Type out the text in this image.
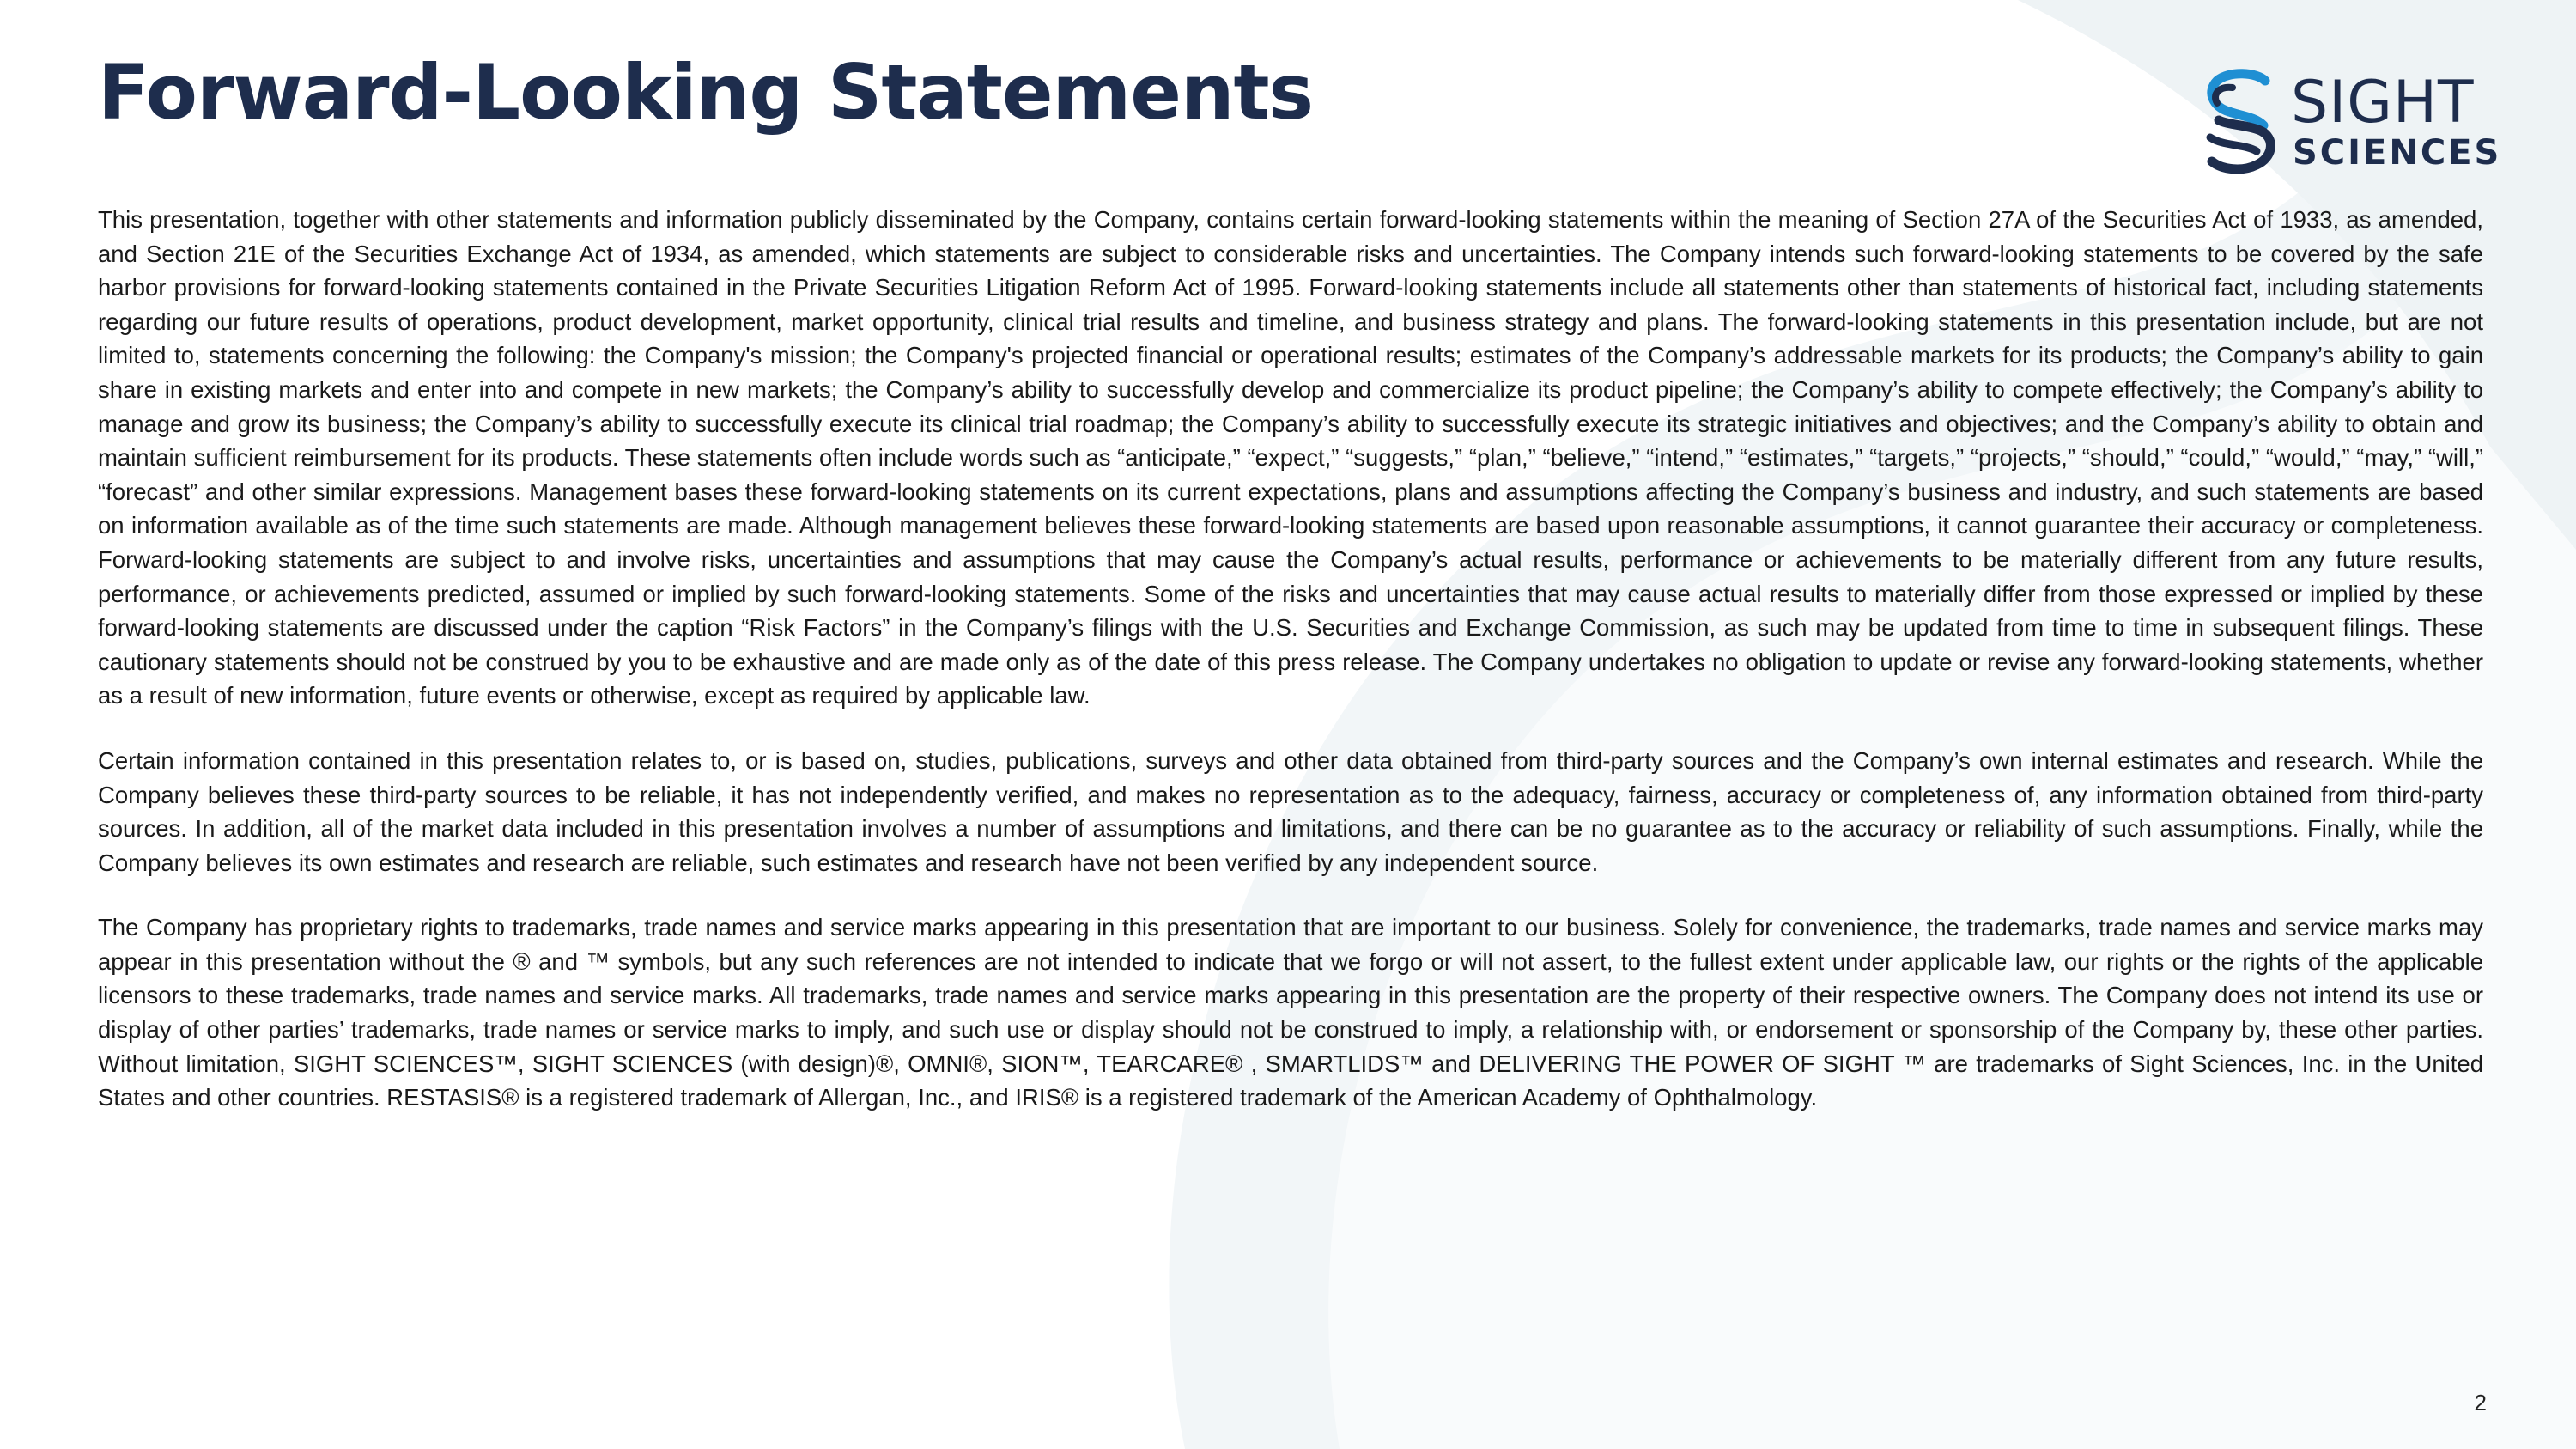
Forward-Looking Statements	SIGHT
SCIENCES

This presentation, together with other statements and information publicly disseminated by the Company, contains certain forward-looking statements within the meaning of Section 27A of the Securities Act of 1933, as amended, and Section 21E of the Securities Exchange Act of 1934, as amended, which statements are subject to considerable risks and uncertainties. The Company intends such forward-looking statements to be covered by the safe harbor provisions for forward-looking statements contained in the Private Securities Litigation Reform Act of 1995. Forward-looking statements include all statements other than statements of historical fact, including statements regarding our future results of operations, product development, market opportunity, clinical trial results and timeline, and business strategy and plans. The forward-looking statements in this presentation include, but are not limited to, statements concerning the following: the Company's mission; the Company's projected financial or operational results; estimates of the Company’s addressable markets for its products; the Company’s ability to gain share in existing markets and enter into and compete in new markets; the Company’s ability to successfully develop and commercialize its product pipeline; the Company’s ability to compete effectively; the Company’s ability to manage and grow its business; the Company’s ability to successfully execute its clinical trial roadmap; the Company’s ability to successfully execute its strategic initiatives and objectives; and the Company’s ability to obtain and maintain sufficient reimbursement for its products. These statements often include words such as “anticipate,” “expect,” “suggests,” “plan,” “believe,” “intend,” “estimates,” “targets,” “projects,” “should,” “could,” “would,” “may,” “will,” “forecast” and other similar expressions. Management bases these forward-looking statements on its current expectations, plans and assumptions affecting the Company’s business and industry, and such statements are based on information available as of the time such statements are made. Although management believes these forward-looking statements are based upon reasonable assumptions, it cannot guarantee their accuracy or completeness. Forward-looking statements are subject to and involve risks, uncertainties and assumptions that may cause the Company’s actual results, performance or achievements to be materially different from any future results, performance, or achievements predicted, assumed or implied by such forward-looking statements. Some of the risks and uncertainties that may cause actual results to materially differ from those expressed or implied by these forward-looking statements are discussed under the caption “Risk Factors” in the Company’s filings with the U.S. Securities and Exchange Commission, as such may be updated from time to time in subsequent filings. These cautionary statements should not be construed by you to be exhaustive and are made only as of the date of this press release. The Company undertakes no obligation to update or revise any forward-looking statements, whether as a result of new information, future events or otherwise, except as required by applicable law.

Certain information contained in this presentation relates to, or is based on, studies, publications, surveys and other data obtained from third-party sources and the Company’s own internal estimates and research. While the Company believes these third-party sources to be reliable, it has not independently verified, and makes no representation as to the adequacy, fairness, accuracy or completeness of, any information obtained from third-party sources. In addition, all of the market data included in this presentation involves a number of assumptions and limitations, and there can be no guarantee as to the accuracy or reliability of such assumptions. Finally, while the Company believes its own estimates and research are reliable, such estimates and research have not been verified by any independent source.

The Company has proprietary rights to trademarks, trade names and service marks appearing in this presentation that are important to our business. Solely for convenience, the trademarks, trade names and service marks may appear in this presentation without the ® and ™ symbols, but any such references are not intended to indicate that we forgo or will not assert, to the fullest extent under applicable law, our rights or the rights of the applicable licensors to these trademarks, trade names and service marks. All trademarks, trade names and service marks appearing in this presentation are the property of their respective owners. The Company does not intend its use or display of other parties’ trademarks, trade names or service marks to imply, and such use or display should not be construed to imply, a relationship with, or endorsement or sponsorship of the Company by, these other parties. Without limitation, SIGHT SCIENCES™, SIGHT SCIENCES (with design)®, OMNI®, SION™, TEARCARE® , SMARTLIDS™ and DELIVERING THE POWER OF SIGHT ™ are trademarks of Sight Sciences, Inc. in the United States and other countries. RESTASIS® is a registered trademark of Allergan, Inc., and IRIS® is a registered trademark of the American Academy of Ophthalmology.

2
